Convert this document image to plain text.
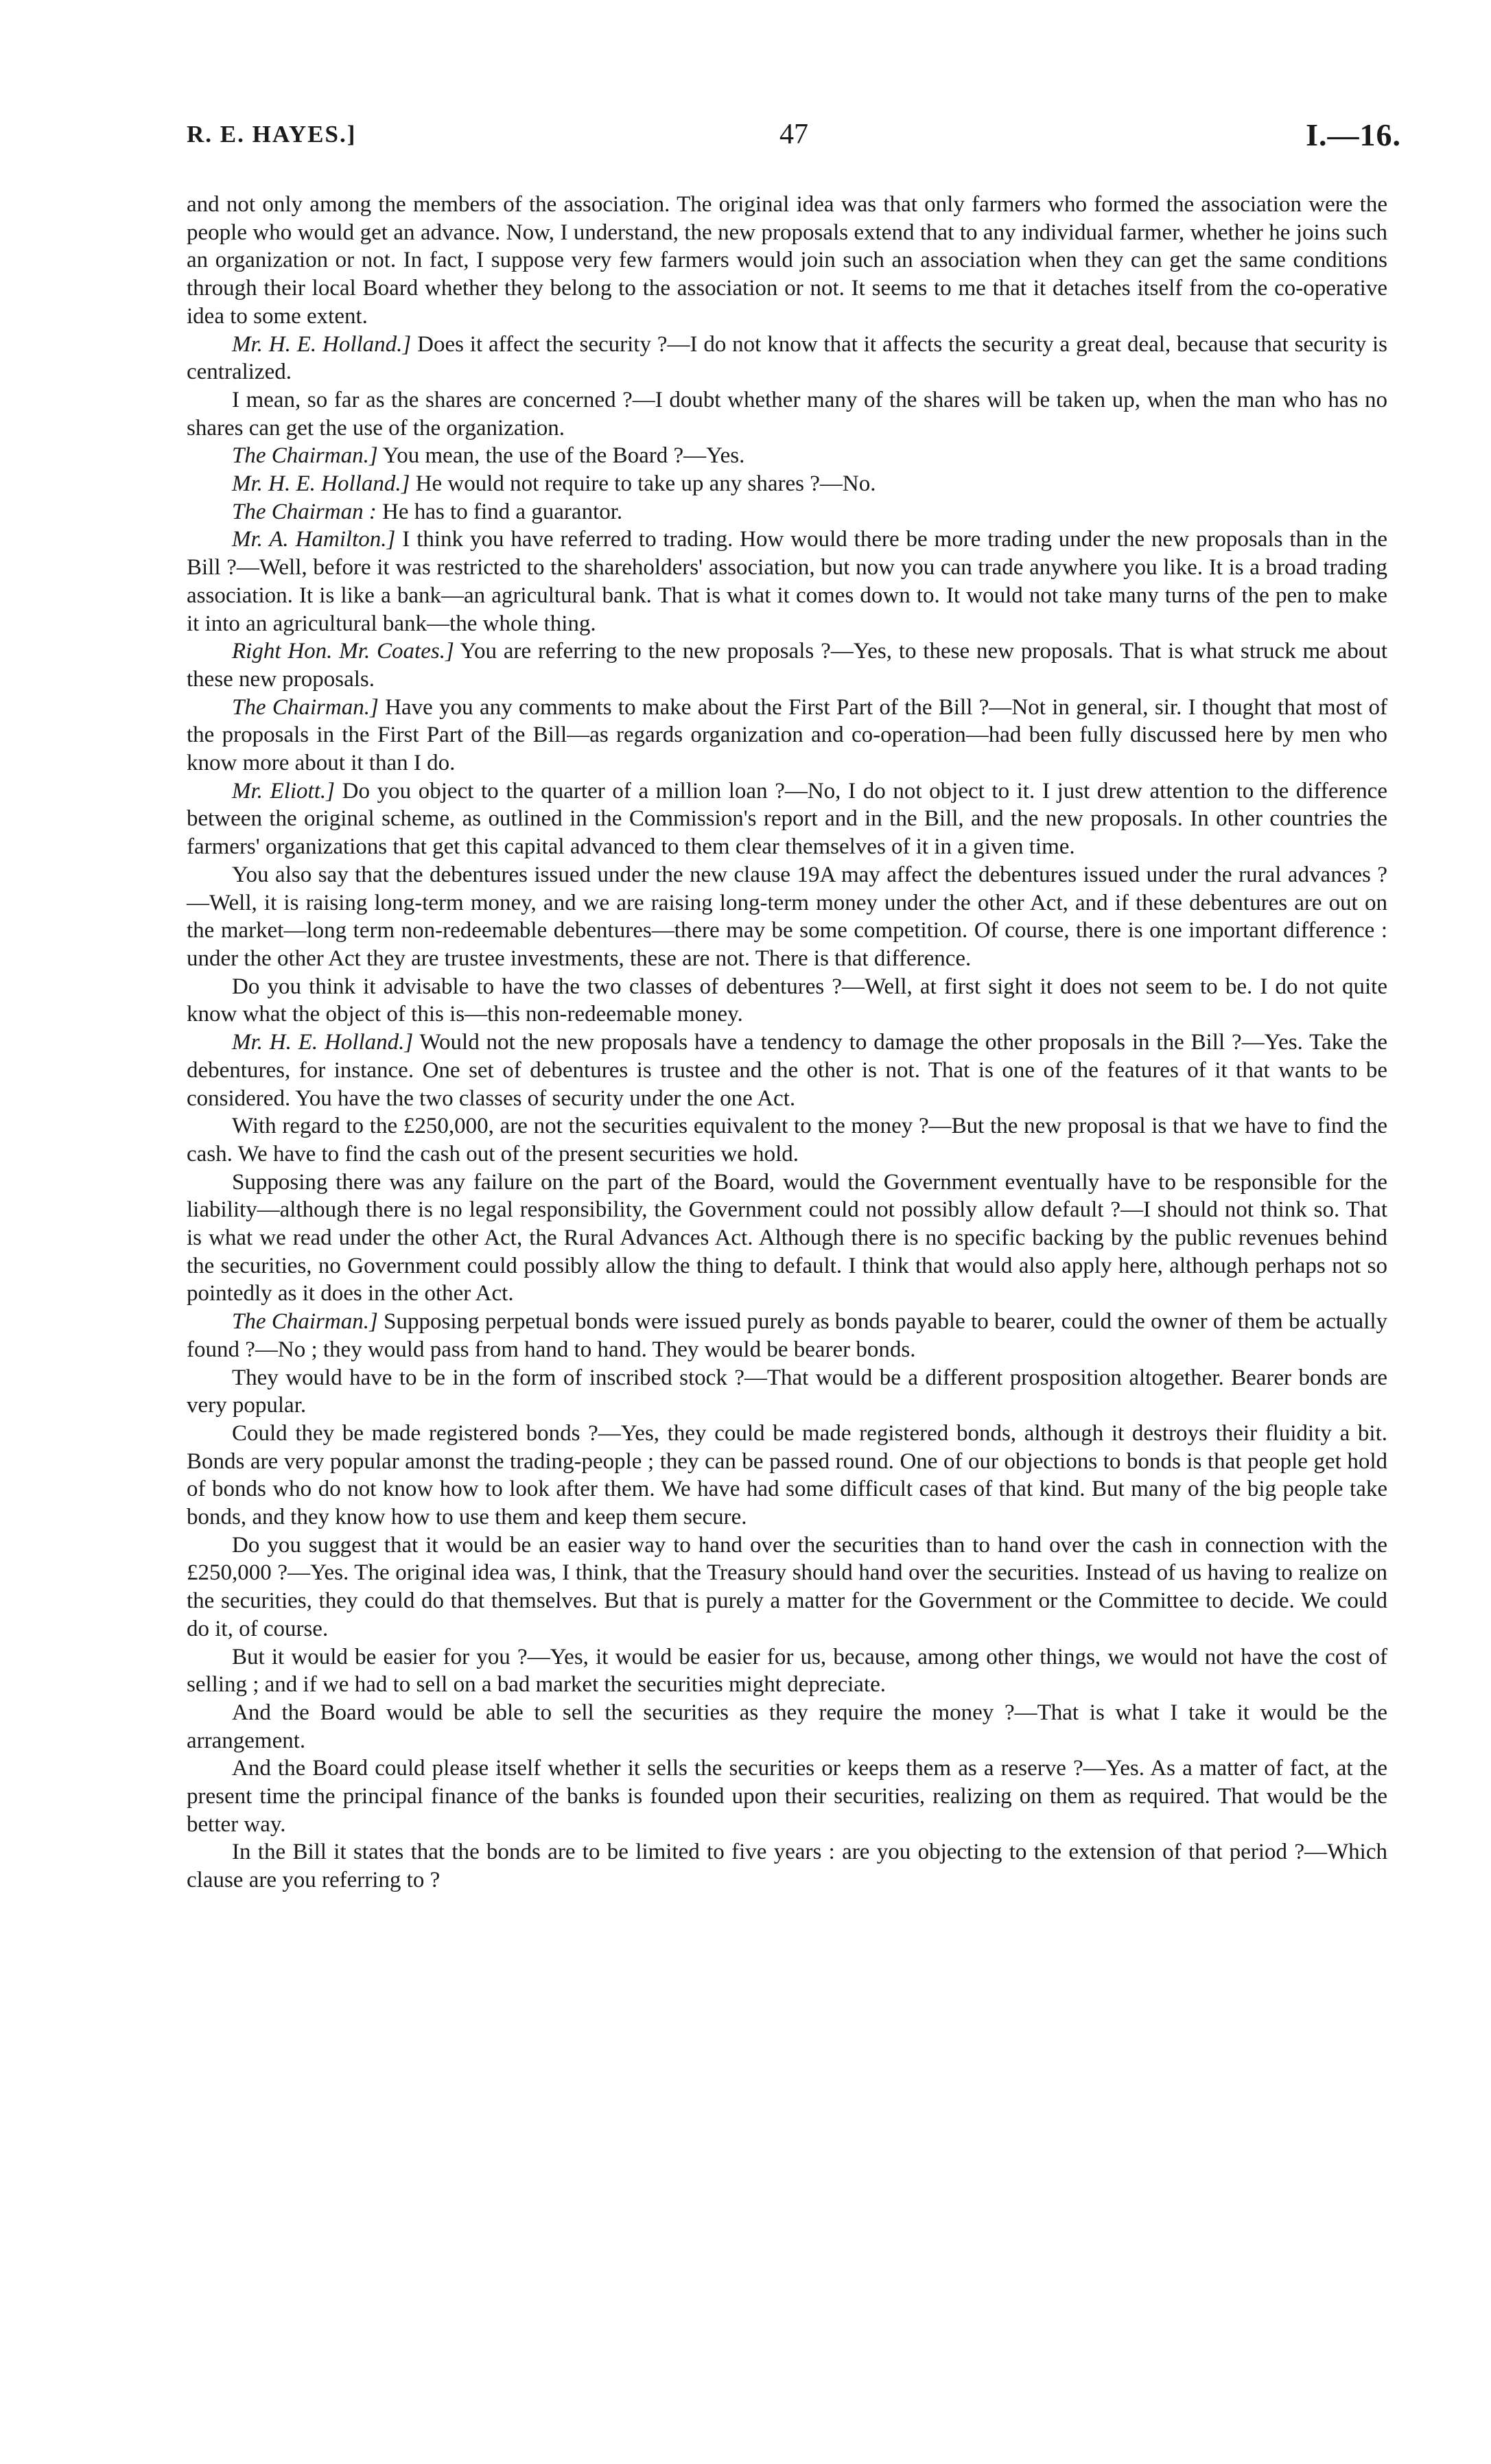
R. E. HAYES.]	47	I.—16.

and not only among the members of the association. The original idea was that only farmers who formed the association were the people who would get an advance. Now, I understand, the new proposals extend that to any individual farmer, whether he joins such an organization or not. In fact, I suppose very few farmers would join such an association when they can get the same conditions through their local Board whether they belong to the association or not. It seems to me that it detaches itself from the co-operative idea to some extent.

Mr. H. E. Holland.] Does it affect the security ?—I do not know that it affects the security a great deal, because that security is centralized.

I mean, so far as the shares are concerned ?—I doubt whether many of the shares will be taken up, when the man who has no shares can get the use of the organization.

The Chairman.] You mean, the use of the Board ?—Yes.

Mr. H. E. Holland.] He would not require to take up any shares ?—No.

The Chairman : He has to find a guarantor.

Mr. A. Hamilton.] I think you have referred to trading. How would there be more trading under the new proposals than in the Bill ?—Well, before it was restricted to the shareholders' association, but now you can trade anywhere you like. It is a broad trading association. It is like a bank—an agricultural bank. That is what it comes down to. It would not take many turns of the pen to make it into an agricultural bank—the whole thing.

Right Hon. Mr. Coates.] You are referring to the new proposals ?—Yes, to these new proposals. That is what struck me about these new proposals.

The Chairman.] Have you any comments to make about the First Part of the Bill ?—Not in general, sir. I thought that most of the proposals in the First Part of the Bill—as regards organization and co-operation—had been fully discussed here by men who know more about it than I do.

Mr. Eliott.] Do you object to the quarter of a million loan ?—No, I do not object to it. I just drew attention to the difference between the original scheme, as outlined in the Commission's report and in the Bill, and the new proposals. In other countries the farmers' organizations that get this capital advanced to them clear themselves of it in a given time.

You also say that the debentures issued under the new clause 19A may affect the debentures issued under the rural advances ?—Well, it is raising long-term money, and we are raising long-term money under the other Act, and if these debentures are out on the market—long term non-redeemable debentures—there may be some competition. Of course, there is one important difference : under the other Act they are trustee investments, these are not. There is that difference.

Do you think it advisable to have the two classes of debentures ?—Well, at first sight it does not seem to be. I do not quite know what the object of this is—this non-redeemable money.

Mr. H. E. Holland.] Would not the new proposals have a tendency to damage the other proposals in the Bill ?—Yes. Take the debentures, for instance. One set of debentures is trustee and the other is not. That is one of the features of it that wants to be considered. You have the two classes of security under the one Act.

With regard to the £250,000, are not the securities equivalent to the money ?—But the new proposal is that we have to find the cash. We have to find the cash out of the present securities we hold.

Supposing there was any failure on the part of the Board, would the Government eventually have to be responsible for the liability—although there is no legal responsibility, the Government could not possibly allow default ?—I should not think so. That is what we read under the other Act, the Rural Advances Act. Although there is no specific backing by the public revenues behind the securities, no Government could possibly allow the thing to default. I think that would also apply here, although perhaps not so pointedly as it does in the other Act.

The Chairman.] Supposing perpetual bonds were issued purely as bonds payable to bearer, could the owner of them be actually found ?—No ; they would pass from hand to hand. They would be bearer bonds.

They would have to be in the form of inscribed stock ?—That would be a different prosposition altogether. Bearer bonds are very popular.

Could they be made registered bonds ?—Yes, they could be made registered bonds, although it destroys their fluidity a bit. Bonds are very popular amonst the trading-people ; they can be passed round. One of our objections to bonds is that people get hold of bonds who do not know how to look after them. We have had some difficult cases of that kind. But many of the big people take bonds, and they know how to use them and keep them secure.

Do you suggest that it would be an easier way to hand over the securities than to hand over the cash in connection with the £250,000 ?—Yes. The original idea was, I think, that the Treasury should hand over the securities. Instead of us having to realize on the securities, they could do that themselves. But that is purely a matter for the Government or the Committee to decide. We could do it, of course.

But it would be easier for you ?—Yes, it would be easier for us, because, among other things, we would not have the cost of selling ; and if we had to sell on a bad market the securities might depreciate.

And the Board would be able to sell the securities as they require the money ?—That is what I take it would be the arrangement.

And the Board could please itself whether it sells the securities or keeps them as a reserve ?—Yes. As a matter of fact, at the present time the principal finance of the banks is founded upon their securities, realizing on them as required. That would be the better way.

In the Bill it states that the bonds are to be limited to five years : are you objecting to the extension of that period ?—Which clause are you referring to ?
